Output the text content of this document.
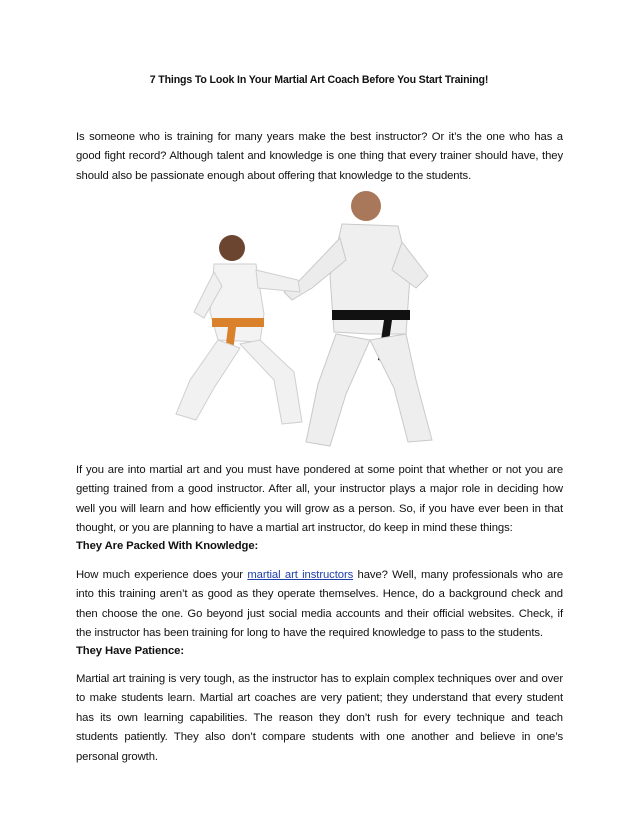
7 Things To Look In Your Martial Art Coach Before You Start Training!

Is someone who is training for many years make the best instructor? Or it’s the one who has a good fight record? Although talent and knowledge is one thing that every trainer should have, they should also be passionate enough about offering that knowledge to the students.

If you are into martial art and you must have pondered at some point that whether or not you are getting trained from a good instructor. After all, your instructor plays a major role in deciding how well you will learn and how efficiently you will grow as a person. So, if you have ever been in that thought, or you are planning to have a martial art instructor, do keep in mind these things:

They Are Packed With Knowledge:

How much experience does your martial art instructors have? Well, many professionals who are into this training aren’t as good as they operate themselves. Hence, do a background check and then choose the one. Go beyond just social media accounts and their official websites. Check, if the instructor has been training for long to have the required knowledge to pass to the students.

They Have Patience:

Martial art training is very tough, as the instructor has to explain complex techniques over and over to make students learn. Martial art coaches are very patient; they understand that every student has its own learning capabilities. The reason they don’t rush for every technique and teach students patiently. They also don’t compare students with one another and believe in one’s personal growth.
